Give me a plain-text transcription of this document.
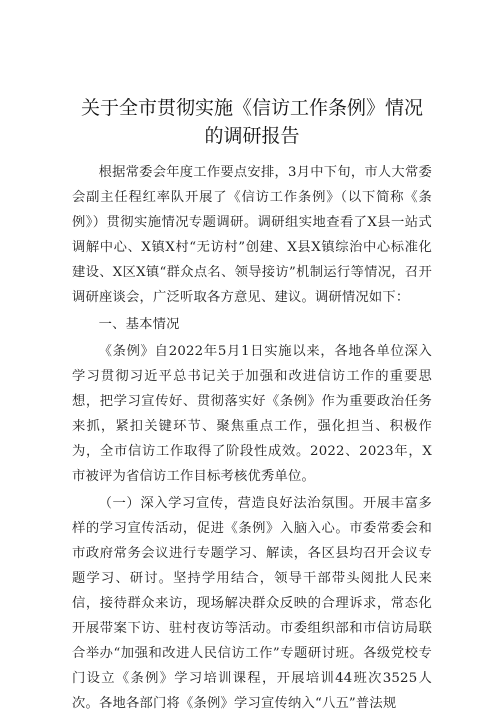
关于全市贯彻实施《信访工作条例》情况的调研报告

根据常委会年度工作要点安排，3月中下旬，市人大常委会副主任程红率队开展了《信访工作条例》（以下简称《条例》）贯彻实施情况专题调研。调研组实地查看了X县一站式调解中心、X镇X村“无访村”创建、X县X镇综治中心标准化建设、X区X镇“群众点名、领导接访”机制运行等情况，召开调研座谈会，广泛听取各方意见、建议。调研情况如下：

一、基本情况

《条例》自2022年5月1日实施以来，各地各单位深入学习贯彻习近平总书记关于加强和改进信访工作的重要思想，把学习宣传好、贯彻落实好《条例》作为重要政治任务来抓，紧扣关键环节、聚焦重点工作，强化担当、积极作为，全市信访工作取得了阶段性成效。2022、2023年，X市被评为省信访工作目标考核优秀单位。

（一）深入学习宣传，营造良好法治氛围。开展丰富多样的学习宣传活动，促进《条例》入脑入心。市委常委会和市政府常务会议进行专题学习、解读，各区县均召开会议专题学习、研讨。坚持学用结合，领导干部带头阅批人民来信，接待群众来访，现场解决群众反映的合理诉求，常态化开展带案下访、驻村夜访等活动。市委组织部和市信访局联合举办“加强和改进人民信访工作”专题研讨班。各级党校专门设立《条例》学习培训课程，开展培训44班次3525人次。各地各部门将《条例》学习宣传纳入“八五”普法规
